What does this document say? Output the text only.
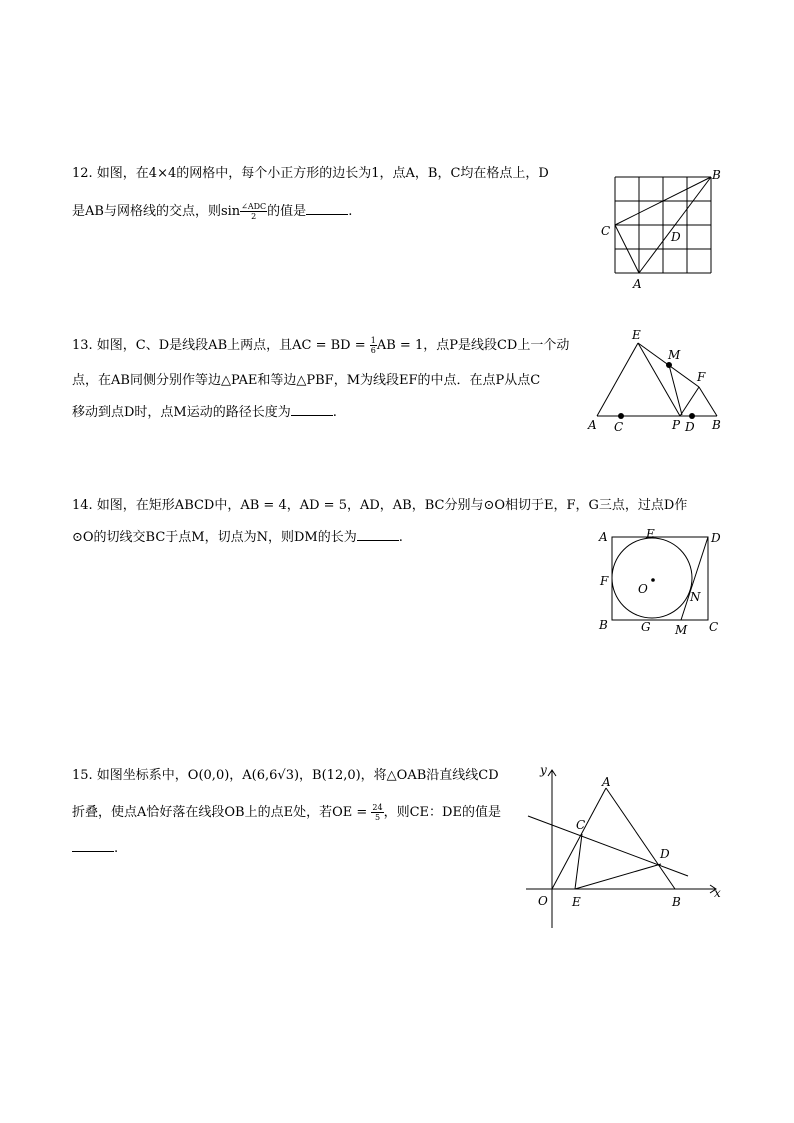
12. 如图，在4×4的网格中，每个小正方形的边长为1，点A，B，C均在格点上，D
是AB与网格线的交点，则$\sin \frac{\text{∠ADC}}{2}$ 的值是	.
B
C	D
A
13. 如图，C、D是线段AB上两点，且AC = BD = $\frac{1}{6}$ AB = 1，点P是线段CD上一个动
点，在AB同侧分别作等边△PAE和等边△PBF，M为线段EF的中点．在点P从点C
移动到点D时，点M运动的路径长度为	.
E
M
F
A C	P D B
14. 如图，在矩形ABCD中，AB = 4，AD = 5，AD，AB，BC分别与⊙O相切于E，F，G三点，过点D作
⊙O的切线交BC于点M，切点为N，则DM的长为	.	A	E	D
F
O
N
B	G M C
15. 如图坐标系中，O(0,0)，A(6,6√3)，B(12,0)，将△OAB沿直线线CD
折叠，使点A恰好落在线段OB上的点E处，若OE = $\frac{24}{5}$ ，则CE：DE的值是
.
y
A
C
D
x
O E	B
